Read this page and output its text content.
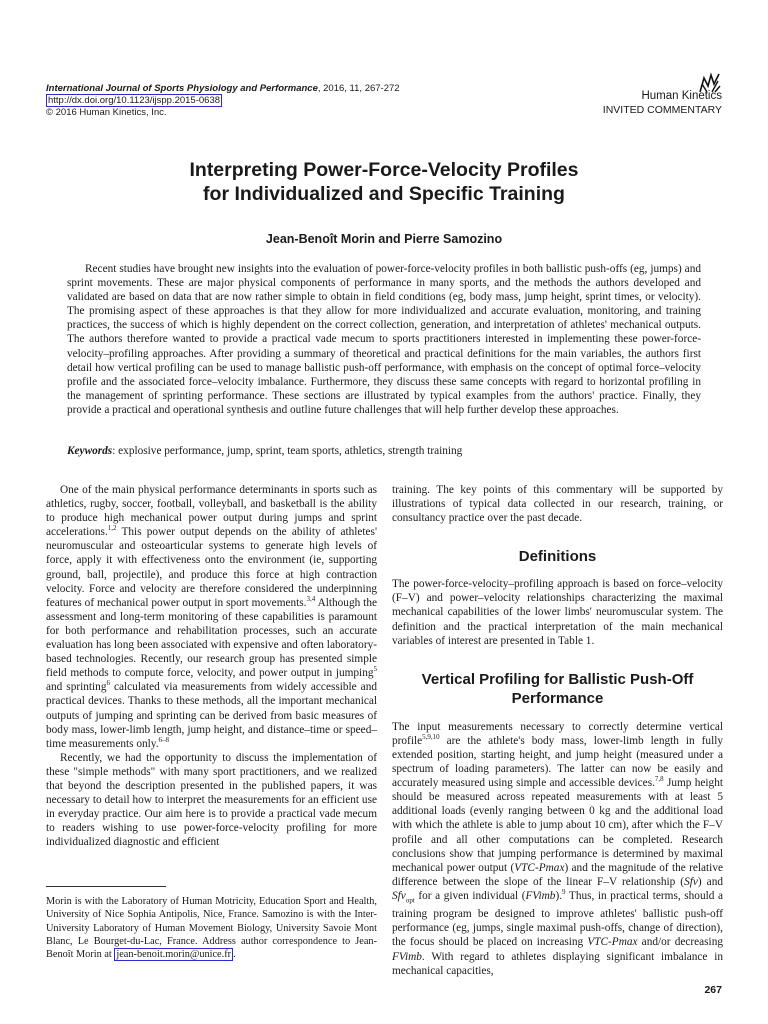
International Journal of Sports Physiology and Performance, 2016, 11, 267-272
http://dx.doi.org/10.1123/ijspp.2015-0638
© 2016 Human Kinetics, Inc.
Human Kinetics
INVITED COMMENTARY
Interpreting Power-Force-Velocity Profiles
for Individualized and Specific Training
Jean-Benoît Morin and Pierre Samozino

Recent studies have brought new insights into the evaluation of power-force-velocity profiles in both ballistic push-offs (eg, jumps) and sprint movements. These are major physical components of performance in many sports, and the methods the authors developed and validated are based on data that are now rather simple to obtain in field conditions (eg, body mass, jump height, sprint times, or velocity). The promising aspect of these approaches is that they allow for more individualized and accurate evaluation, monitoring, and training practices, the success of which is highly dependent on the correct collection, generation, and interpretation of athletes' mechanical outputs. The authors therefore wanted to provide a practical vade mecum to sports practitioners interested in implementing these power-force-velocity–profiling approaches. After providing a summary of theoretical and practical definitions for the main variables, the authors first detail how vertical profiling can be used to manage ballistic push-off performance, with emphasis on the concept of optimal force–velocity profile and the associated force–velocity imbalance. Furthermore, they discuss these same concepts with regard to horizontal profiling in the management of sprinting performance. These sections are illustrated by typical examples from the authors' practice. Finally, they provide a practical and operational synthesis and outline future challenges that will help further develop these approaches.

Keywords: explosive performance, jump, sprint, team sports, athletics, strength training

One of the main physical performance determinants in sports such as athletics, rugby, soccer, football, volleyball, and basketball is the ability to produce high mechanical power output during jumps and sprint accelerations.$^{1,2}$ This power output depends on the ability of athletes' neuromuscular and osteoarticular systems to generate high levels of force, apply it with effectiveness onto the environment (ie, supporting ground, ball, projectile), and produce this force at high contraction velocity. Force and velocity are therefore considered the underpinning features of mechanical power output in sport movements.$^{3,4}$ Although the assessment and long-term monitoring of these capabilities is paramount for both performance and rehabilitation processes, such an accurate evaluation has long been associated with expensive and often laboratory-based technologies. Recently, our research group has presented simple field methods to compute force, velocity, and power output in jumping$^5$ and sprinting$^6$ calculated via measurements from widely accessible and practical devices. Thanks to these methods, all the important mechanical outputs of jumping and sprinting can be derived from basic measures of body mass, lower-limb length, jump height, and distance–time or speed–time measurements only.$^{6-8}$

Recently, we had the opportunity to discuss the implementation of these "simple methods" with many sport practitioners, and we realized that beyond the description presented in the published papers, it was necessary to detail how to interpret the measurements for an efficient use in everyday practice. Our aim here is to provide a practical vade mecum to readers wishing to use power-force-velocity profiling for more individualized diagnostic and efficient

training. The key points of this commentary will be supported by illustrations of typical data collected in our research, training, or consultancy practice over the past decade.

Definitions

The power-force-velocity–profiling approach is based on force–velocity (F–V) and power–velocity relationships characterizing the maximal mechanical capabilities of the lower limbs' neuromuscular system. The definition and the practical interpretation of the main mechanical variables of interest are presented in Table 1.

Vertical Profiling for Ballistic Push-Off Performance

The input measurements necessary to correctly determine vertical profile$^{5,9,10}$ are the athlete's body mass, lower-limb length in fully extended position, starting height, and jump height (measured under a spectrum of loading parameters). The latter can now be easily and accurately measured using simple and accessible devices.$^{7,8}$ Jump height should be measured across repeated measurements with at least 5 additional loads (evenly ranging between 0 kg and the additional load with which the athlete is able to jump about 10 cm), after which the F–V profile and all other computations can be completed. Research conclusions show that jumping performance is determined by maximal mechanical power output (VTC-Pmax) and the magnitude of the relative difference between the slope of the linear F–V relationship (Sfv) and Sfv$_{opt}$ for a given individual (FVimb).$^9$ Thus, in practical terms, should a training program be designed to improve athletes' ballistic push-off performance (eg, jumps, single maximal push-offs, change of direction), the focus should be placed on increasing VTC-Pmax and/or decreasing FVimb. With regard to athletes displaying significant imbalance in mechanical capacities,

Morin is with the Laboratory of Human Motricity, Education Sport and Health, University of Nice Sophia Antipolis, Nice, France. Samozino is with the Inter-University Laboratory of Human Movement Biology, University Savoie Mont Blanc, Le Bourget-du-Lac, France. Address author correspondence to Jean-Benoît Morin at jean-benoit.morin@unice.fr .

267
